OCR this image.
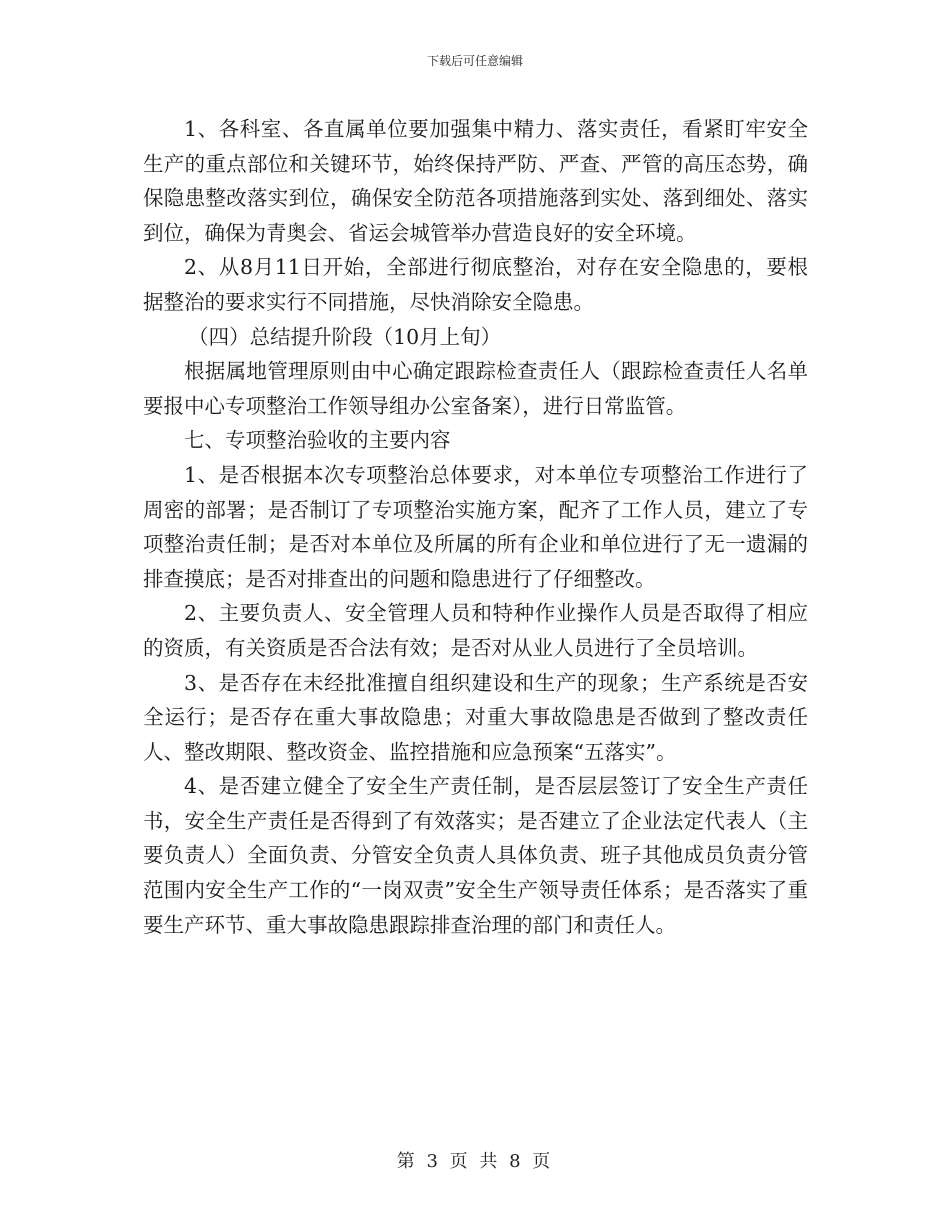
下载后可任意编辑

1、各科室、各直属单位要加强集中精力、落实责任，看紧盯牢安全生产的重点部位和关键环节，始终保持严防、严查、严管的高压态势，确保隐患整改落实到位，确保安全防范各项措施落到实处、落到细处、落实到位，确保为青奥会、省运会城管举办营造良好的安全环境。

2、从8月11日开始，全部进行彻底整治，对存在安全隐患的，要根据整治的要求实行不同措施，尽快消除安全隐患。

（四）总结提升阶段（10月上旬）

根据属地管理原则由中心确定跟踪检查责任人（跟踪检查责任人名单要报中心专项整治工作领导组办公室备案），进行日常监管。

七、专项整治验收的主要内容

1、是否根据本次专项整治总体要求，对本单位专项整治工作进行了周密的部署；是否制订了专项整治实施方案，配齐了工作人员，建立了专项整治责任制；是否对本单位及所属的所有企业和单位进行了无一遗漏的排查摸底；是否对排查出的问题和隐患进行了仔细整改。

2、主要负责人、安全管理人员和特种作业操作人员是否取得了相应的资质，有关资质是否合法有效；是否对从业人员进行了全员培训。

3、是否存在未经批准擅自组织建设和生产的现象；生产系统是否安全运行；是否存在重大事故隐患；对重大事故隐患是否做到了整改责任人、整改期限、整改资金、监控措施和应急预案“五落实”。

4、是否建立健全了安全生产责任制，是否层层签订了安全生产责任书，安全生产责任是否得到了有效落实；是否建立了企业法定代表人（主要负责人）全面负责、分管安全负责人具体负责、班子其他成员负责分管范围内安全生产工作的“一岗双责”安全生产领导责任体系；是否落实了重要生产环节、重大事故隐患跟踪排查治理的部门和责任人。

第 3 页 共 8 页
